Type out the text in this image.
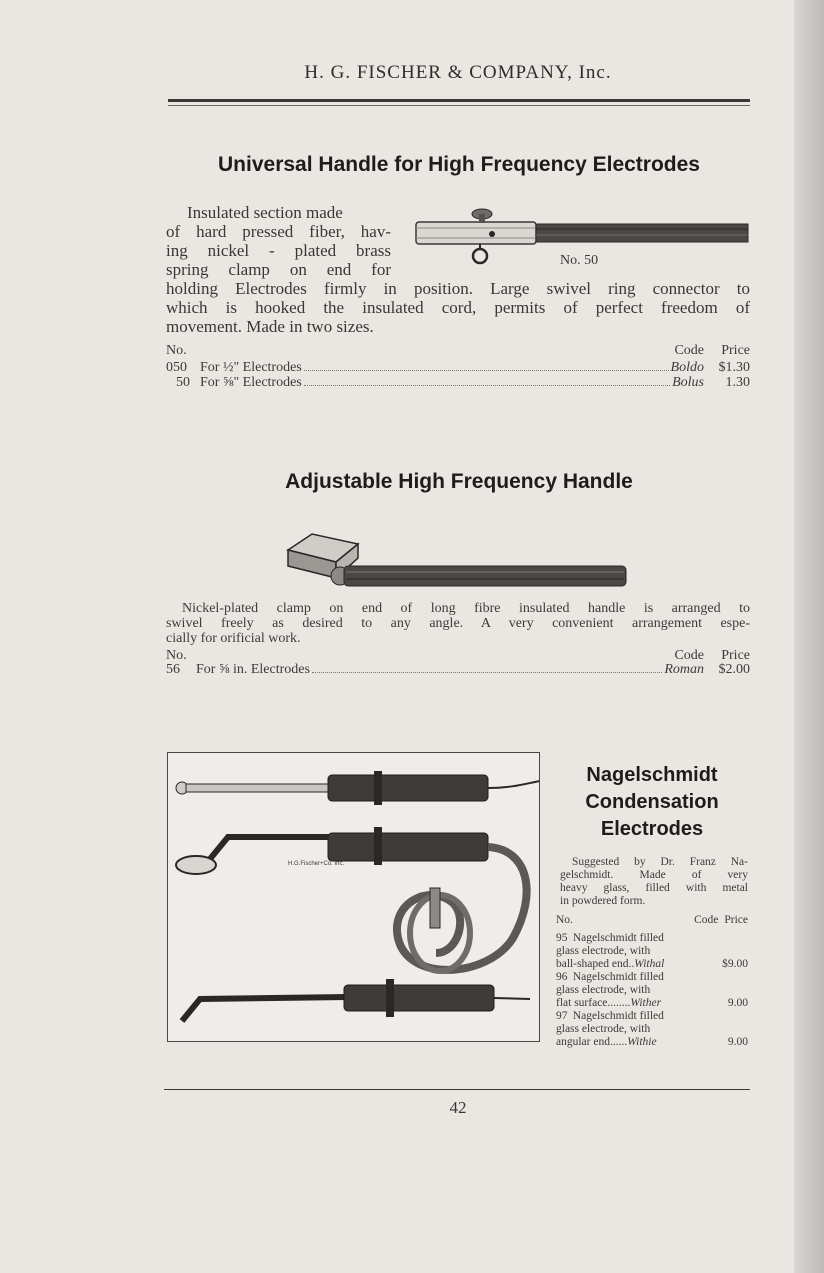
H. G. FISCHER & COMPANY, Inc.
Universal Handle for High Frequency Electrodes
Insulated section made
of hard pressed fiber, hav-
ing nickel - plated brass
spring clamp on end for
holding Electrodes firmly in position. Large swivel ring connector to
which is hooked the insulated cord, permits of perfect freedom of
movement. Made in two sizes.
No. 50
No.	Code	Price
050 For ½" Electrodes	Boldo	$1.30
50 For ⅝" Electrodes	Bolus	1.30
Adjustable High Frequency Handle
Nickel-plated clamp on end of long fibre insulated handle is arranged to
swivel freely as desired to any angle. A very convenient arrangement espe-
cially for orificial work.
No.	Code	Price
56	For ⅝ in. Electrodes	Roman	$2.00
H.G.Fischer+Co. Inc.
Nagelschmidt
Condensation
Electrodes
Suggested by Dr. Franz Na-
gelschmidt. Made of very
heavy glass, filled with metal
in powdered form.
No.	Code Price
95 Nagelschmidt filled
glass electrode, with
ball-shaped end.. Withal	$9.00
96 Nagelschmidt filled
glass electrode, with
flat surface........ Wither	9.00
97 Nagelschmidt filled
glass electrode, with
angular end...... Withie	9.00
42
